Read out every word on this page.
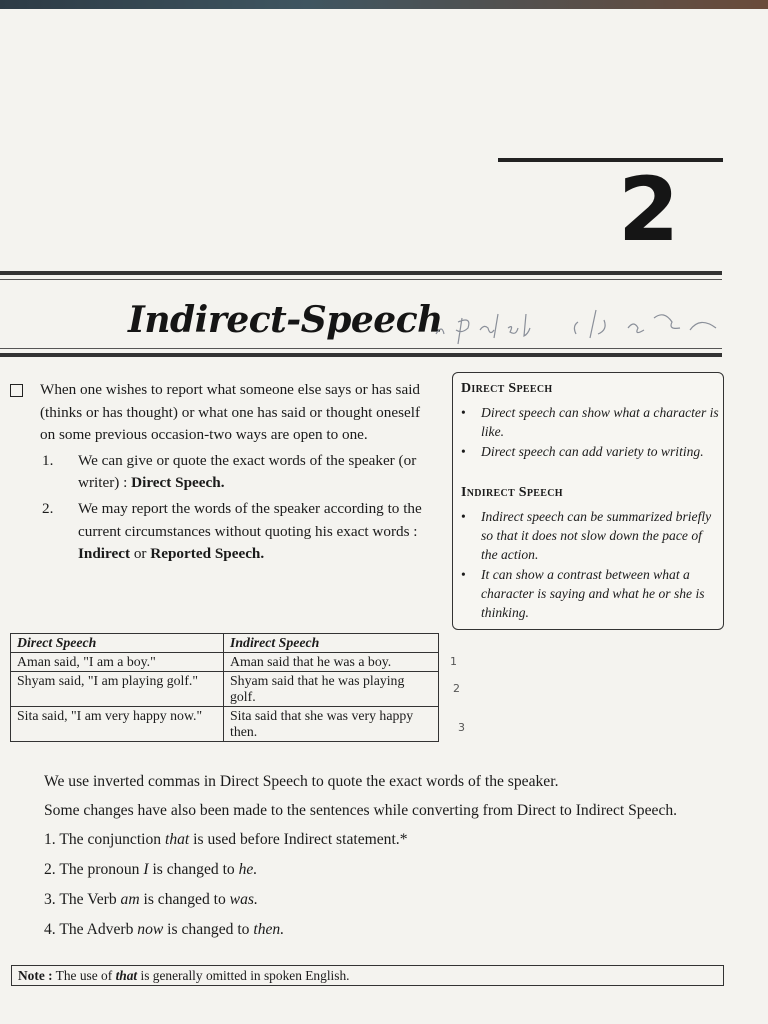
2
Indirect-Speech
When one wishes to report what someone else says or has said (thinks or has thought) or what one has said or thought oneself on some previous occasion-two ways are open to one.
1. We can give or quote the exact words of the speaker (or writer) : Direct Speech.
2. We may report the words of the speaker according to the current circumstances without quoting his exact words : Indirect or Reported Speech.
Direct Speech
• Direct speech can show what a character is like.
• Direct speech can add variety to writing.
Indirect Speech
• Indirect speech can be summarized briefly so that it does not slow down the pace of the action.
• It can show a contrast between what a character is saying and what he or she is thinking.
Direct Speech	Indirect Speech
Aman said, "I am a boy."	Aman said that he was a boy.
Shyam said, "I am playing golf."	Shyam said that he was playing golf.
Sita said, "I am very happy now."	Sita said that she was very happy then.
1
2
3

We use inverted commas in Direct Speech to quote the exact words of the speaker.

Some changes have also been made to the sentences while converting from Direct to Indirect Speech.

1. The conjunction that is used before Indirect statement.*
2. The pronoun I is changed to he.
3. The Verb am is changed to was.
4. The Adverb now is changed to then.
Note : The use of that is generally omitted in spoken English.
